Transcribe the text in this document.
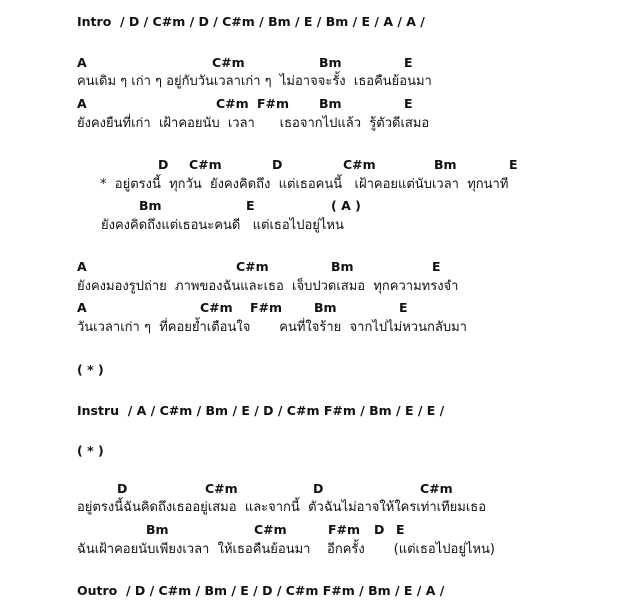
Intro  / D / C#m / D / C#m / Bm / E / Bm / E / A / A /
A	C#m	Bm	E
คนเดิม ๆ เก่า ๆ อยู่กับวันเวลาเก่า ๆ  ไม่อาจจะรั้ง  เธอคืนย้อนมา
A	C#m F#m Bm	E
ยังคงยืนที่เก่า  เฝ้าคอยนับ  เวลา      เธอจากไปแล้ว  รู้ตัวดีเสมอ
D C#m	D	C#m	Bm	E
*  อยู่ตรงนี้  ทุกวัน  ยังคงคิดถึง  แต่เธอคนนี้   เฝ้าคอยแต่นับเวลา  ทุกนาที
Bm	E	( A )
ยังคงคิดถึงแต่เธอนะคนดี   แต่เธอไปอยู่ไหน
A	C#m	Bm	E
ยังคงมองรูปถ่าย  ภาพของฉันและเธอ  เจ็บปวดเสมอ  ทุกความทรงจำ
A	C#m F#m	Bm	E
วันเวลาเก่า ๆ  ที่คอยย้ำเตือนใจ       คนที่ใจร้าย  จากไปไม่หวนกลับมา
( * )
Instru  / A / C#m / Bm / E / D / C#m F#m / Bm / E / E /
( * )
D	C#m	D	C#m
อยู่ตรงนี้ฉันคิดถึงเธออยู่เสมอ  และจากนี้  ตัวฉันไม่อาจให้ใครเท่าเทียมเธอ
Bm	C#m	F#m D E
ฉันเฝ้าคอยนับเพียงเวลา  ให้เธอคืนย้อนมา    อีกครั้ง       (แต่เธอไปอยู่ไหน)
Outro  / D / C#m / Bm / E / D / C#m F#m / Bm / E / A /
